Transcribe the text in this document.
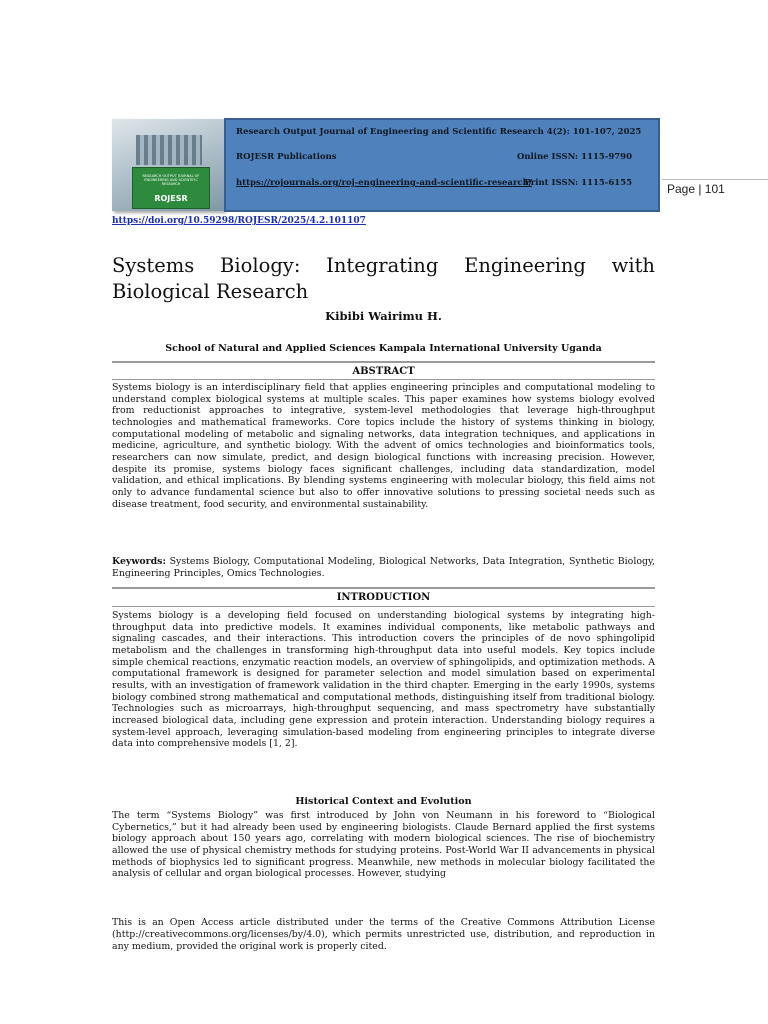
RESEARCH OUTPUT JOURNAL OF ENGINEERING AND SCIENTIFIC RESEARCH
ROJESR
Research Output Journal of Engineering and Scientific Research 4(2): 101-107, 2025
ROJESR Publications	Online ISSN: 1115-9790
https://rojournals.org/roj-engineering-and-scientific-research/
Print ISSN: 1115-6155	Page | 101
https://doi.org/10.59298/ROJESR/2025/4.2.101107
Systems Biology: Integrating Engineering with Biological Research
Kibibi Wairimu H.
School of Natural and Applied Sciences Kampala International University Uganda
ABSTRACT
Systems biology is an interdisciplinary field that applies engineering principles and computational modeling to understand complex biological systems at multiple scales. This paper examines how systems biology evolved from reductionist approaches to integrative, system-level methodologies that leverage high-throughput technologies and mathematical frameworks. Core topics include the history of systems thinking in biology, computational modeling of metabolic and signaling networks, data integration techniques, and applications in medicine, agriculture, and synthetic biology. With the advent of omics technologies and bioinformatics tools, researchers can now simulate, predict, and design biological functions with increasing precision. However, despite its promise, systems biology faces significant challenges, including data standardization, model validation, and ethical implications. By blending systems engineering with molecular biology, this field aims not only to advance fundamental science but also to offer innovative solutions to pressing societal needs such as disease treatment, food security, and environmental sustainability.
Keywords: Systems Biology, Computational Modeling, Biological Networks, Data Integration, Synthetic Biology, Engineering Principles, Omics Technologies.
INTRODUCTION
Systems biology is a developing field focused on understanding biological systems by integrating high-throughput data into predictive models. It examines individual components, like metabolic pathways and signaling cascades, and their interactions. This introduction covers the principles of de novo sphingolipid metabolism and the challenges in transforming high-throughput data into useful models. Key topics include simple chemical reactions, enzymatic reaction models, an overview of sphingolipids, and optimization methods. A computational framework is designed for parameter selection and model simulation based on experimental results, with an investigation of framework validation in the third chapter. Emerging in the early 1990s, systems biology combined strong mathematical and computational methods, distinguishing itself from traditional biology. Technologies such as microarrays, high-throughput sequencing, and mass spectrometry have substantially increased biological data, including gene expression and protein interaction. Understanding biology requires a system-level approach, leveraging simulation-based modeling from engineering principles to integrate diverse data into comprehensive models [1, 2].
Historical Context and Evolution
The term “Systems Biology” was first introduced by John von Neumann in his foreword to “Biological Cybernetics,” but it had already been used by engineering biologists. Claude Bernard applied the first systems biology approach about 150 years ago, correlating with modern biological sciences. The rise of biochemistry allowed the use of physical chemistry methods for studying proteins. Post-World War II advancements in physical methods of biophysics led to significant progress. Meanwhile, new methods in molecular biology facilitated the analysis of cellular and organ biological processes. However, studying
This is an Open Access article distributed under the terms of the Creative Commons Attribution License (http://creativecommons.org/licenses/by/4.0), which permits unrestricted use, distribution, and reproduction in any medium, provided the original work is properly cited.
